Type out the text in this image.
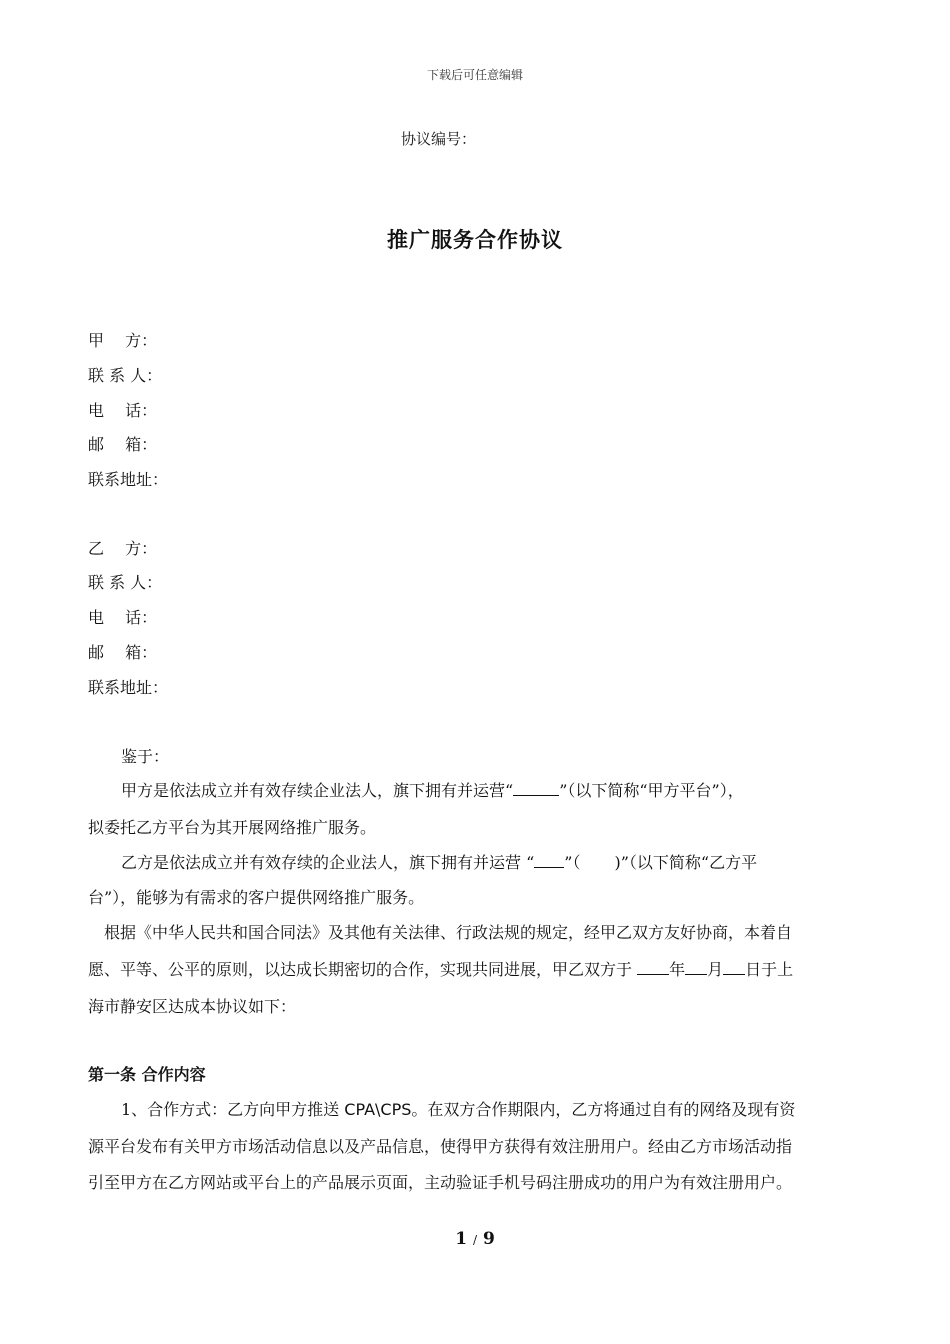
下载后可任意编辑
协议编号：
推广服务合作协议
甲　 方：
联 系 人：
电　 话：
邮　 箱：
联系地址：
乙　 方：
联 系 人：
电　 话：
邮　 箱：
联系地址：
鉴于：
甲方是依法成立并有效存续企业法人，旗下拥有并运营“	”（以下简称“甲方平台”），
拟委托乙方平台为其开展网络推广服务。
乙方是依法成立并有效存续的企业法人，旗下拥有并运营 “ ”（ )”（以下简称“乙方平
台”），能够为有需求的客户提供网络推广服务。
根据《中华人民共和国合同法》及其他有关法律、行政法规的规定，经甲乙双方友好协商，本着自
愿、平等、公平的原则，以达成长期密切的合作，实现共同进展，甲乙双方于 年 月 日于上
海市静安区达成本协议如下：
第一条 合作内容
1、合作方式：乙方向甲方推送 CPA\CPS。在双方合作期限内，乙方将通过自有的网络及现有资
源平台发布有关甲方市场活动信息以及产品信息，使得甲方获得有效注册用户。经由乙方市场活动指
引至甲方在乙方网站或平台上的产品展示页面，主动验证手机号码注册成功的用户为有效注册用户。
1 / 9
